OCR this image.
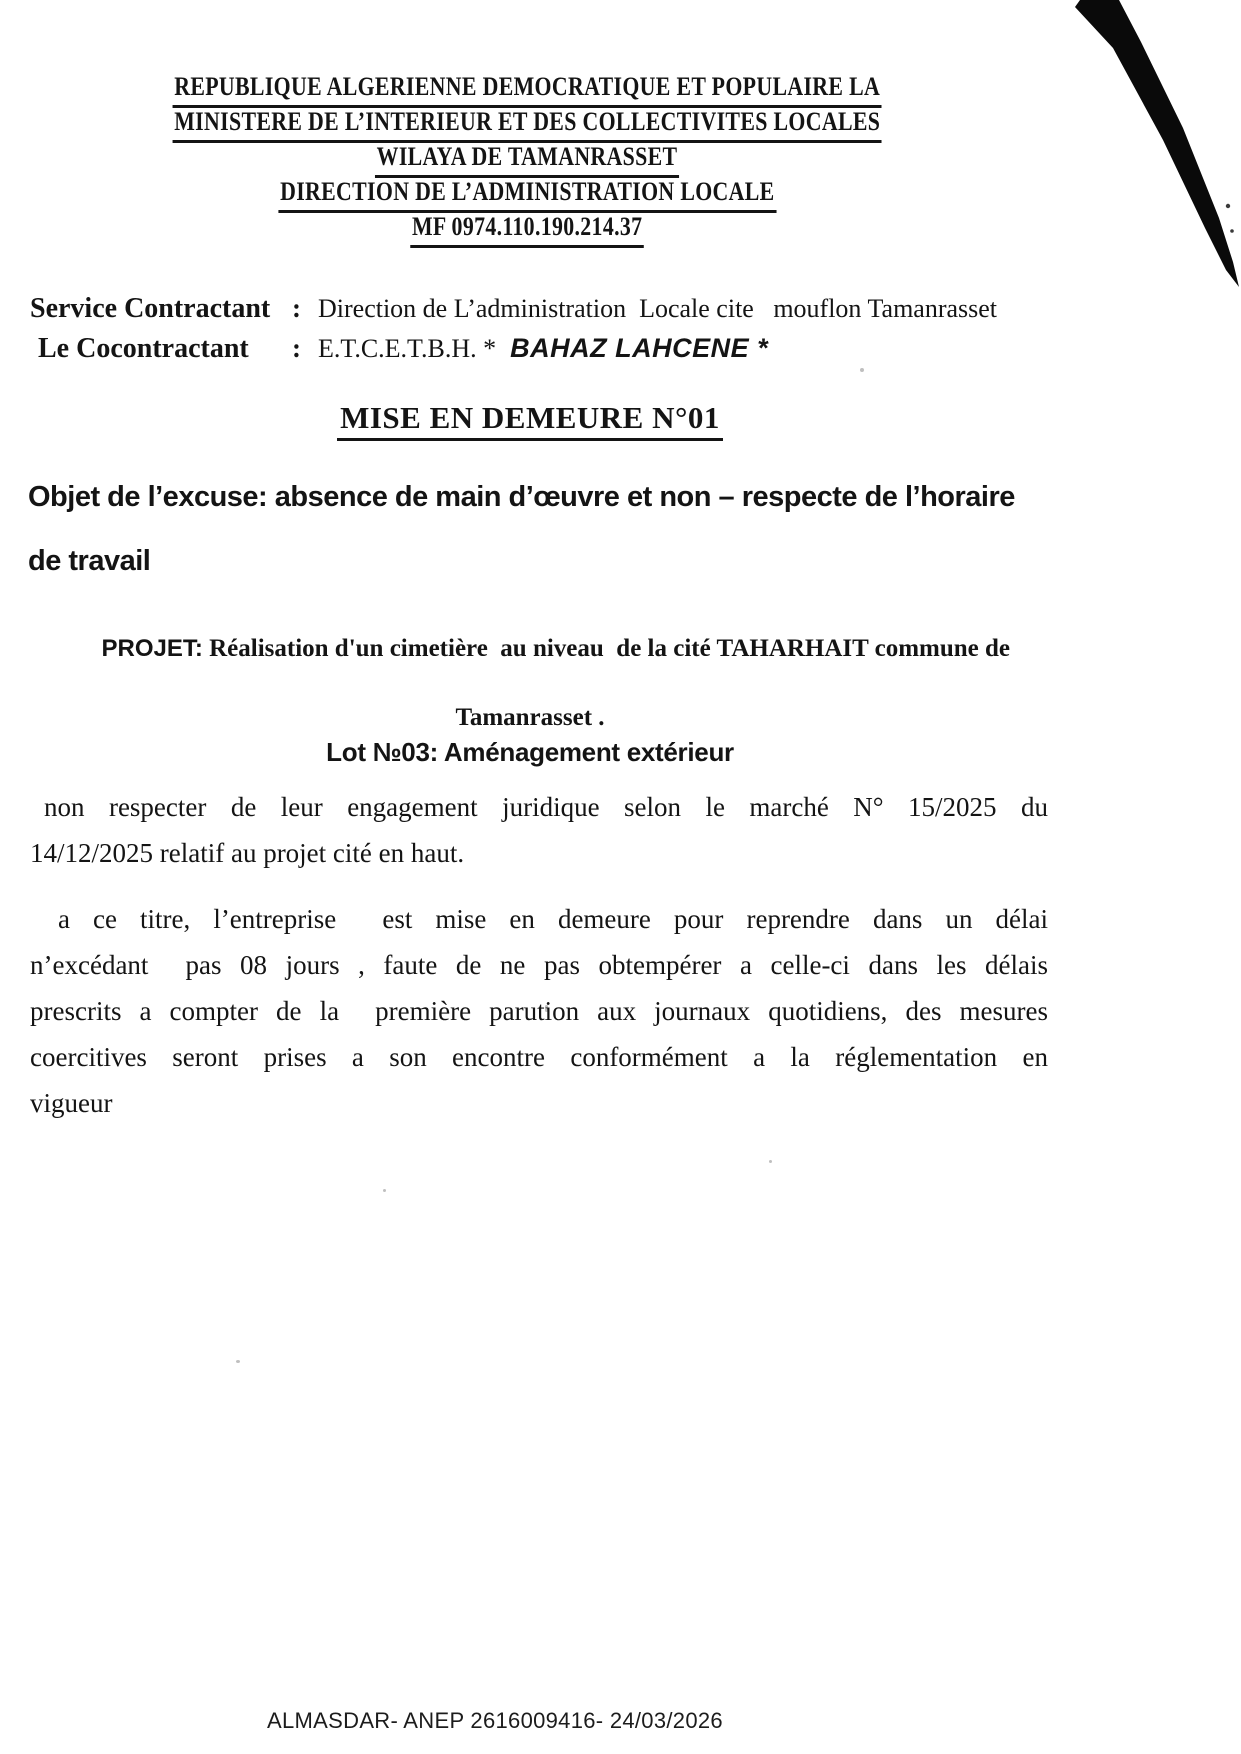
REPUBLIQUE ALGERIENNE DEMOCRATIQUE ET POPULAIRE LA
MINISTERE DE L’INTERIEUR ET DES COLLECTIVITES LOCALES
WILAYA DE TAMANRASSET
DIRECTION DE L’ADMINISTRATION LOCALE
MF 0974.110.190.214.37
Service Contractant : Direction de L’administration  Locale cite   mouflon Tamanrasset
Le Cocontractant	: E.T.C.E.T.B.H. * BAHAZ LAHCENE *
MISE EN DEMEURE N°01
Objet de l’excuse: absence de main d’œuvre et non – respecte de l’horaire
de travail

PROJET: Réalisation d'un cimetière  au niveau  de la cité TAHARHAIT commune de

Tamanrasset .
Lot №03: Aménagement extérieur

non respecter de leur engagement juridique selon le marché N° 15/2025 du
14/12/2025 relatif au projet cité en haut.

a ce titre, l’entreprise  est mise en demeure pour reprendre dans un délai
n’excédant  pas 08 jours , faute de ne pas obtempérer a celle-ci dans les délais
prescrits a compter de la  première parution aux journaux quotidiens, des mesures
coercitives seront prises a son encontre conformément a la réglementation en
vigueur

ALMASDAR- ANEP 2616009416- 24/03/2026
